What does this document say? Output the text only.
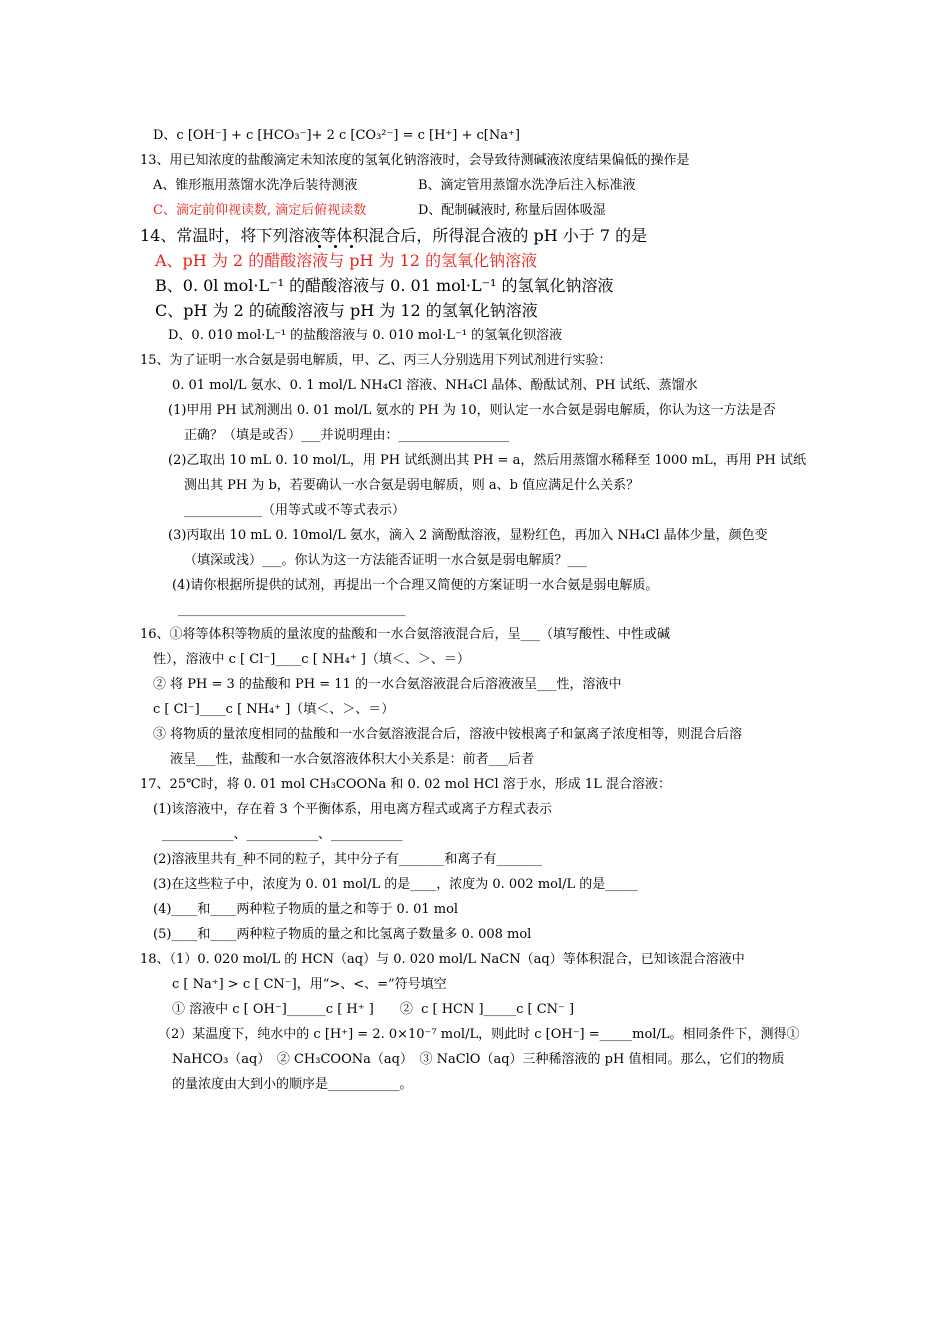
D、c [OH⁻] + c [HCO₃⁻]+ 2 c [CO₃²⁻] = c [H⁺] + c[Na⁺]
13、用已知浓度的盐酸滴定未知浓度的氢氧化钠溶液时，会导致待测碱液浓度结果偏低的操作是
A、锥形瓶用蒸馏水洗净后装待测液	B、滴定管用蒸馏水洗净后注入标准液
C、滴定前仰视读数, 滴定后俯视读数	D、配制碱液时, 称量后固体吸湿
14、常温时，将下列溶液等体积混合后，所得混合液的 pH 小于 7 的是
A、pH 为 2 的醋酸溶液与 pH 为 12 的氢氧化钠溶液
B、0. 0l mol·L⁻¹ 的醋酸溶液与 0. 01 mol·L⁻¹ 的氢氧化钠溶液
C、pH 为 2 的硫酸溶液与 pH 为 12 的氢氧化钠溶液
D、0. 010 mol·L⁻¹ 的盐酸溶液与 0. 010 mol·L⁻¹ 的氢氧化钡溶液
15、为了证明一水合氨是弱电解质，甲、乙、丙三人分别选用下列试剂进行实验：
0. 01 mol/L 氨水、0. 1 mol/L NH₄Cl 溶液、NH₄Cl 晶体、酚酞试剂、PH 试纸、蒸馏水
(1)甲用 PH 试剂测出 0. 01 mol/L 氨水的 PH 为 10，则认定一水合氨是弱电解质，你认为这一方法是否
正确？（填是或否）___并说明理由：_________________
(2)乙取出 10 mL 0. 10 mol/L，用 PH 试纸测出其 PH = a，然后用蒸馏水稀释至 1000 mL，再用 PH 试纸
测出其 PH 为 b，若要确认一水合氨是弱电解质，则 a、b 值应满足什么关系？
____________（用等式或不等式表示）
(3)丙取出 10 mL 0. 10mol/L 氨水，滴入 2 滴酚酞溶液，显粉红色，再加入 NH₄Cl 晶体少量，颜色变
（填深或浅）___。你认为这一方法能否证明一水合氨是弱电解质？___
(4)请你根据所提供的试剂，再提出一个合理又简便的方案证明一水合氨是弱电解质。
___________________________________
16、①将等体积等物质的量浓度的盐酸和一水合氨溶液混合后，呈___（填写酸性、中性或碱
性），溶液中 c [ Cl⁻]____c [ NH₄⁺ ]（填＜、＞、＝）
② 将 PH = 3 的盐酸和 PH = 11 的一水合氨溶液混合后溶液液呈___性，溶液中
c [ Cl⁻]____c [ NH₄⁺ ]（填＜、＞、＝）
③ 将物质的量浓度相同的盐酸和一水合氨溶液混合后，溶液中铵根离子和氯离子浓度相等，则混合后溶
液呈___性，盐酸和一水合氨溶液体积大小关系是：前者___后者
17、25℃时，将 0. 01 mol CH₃COONa 和 0. 02 mol HCl 溶于水，形成 1L 混合溶液：
(1)该溶液中，存在着 3 个平衡体系，用电离方程式或离子方程式表示
___________、___________、___________
(2)溶液里共有_种不同的粒子，其中分子有_______和离子有_______
(3)在这些粒子中，浓度为 0. 01 mol/L 的是____，浓度为 0. 002 mol/L 的是_____
(4)____和____两种粒子物质的量之和等于 0. 01 mol
(5)____和____两种粒子物质的量之和比氢离子数量多 0. 008 mol
18、（1）0. 020 mol/L 的 HCN（aq）与 0. 020 mol/L NaCN（aq）等体积混合，已知该混合溶液中
c [ Na⁺] > c [ CN⁻]，用“>、<、=”符号填空
① 溶液中 c [ OH⁻]______c [ H⁺ ]　　②  c [ HCN ]_____c [ CN⁻ ]
（2）某温度下，纯水中的 c [H⁺] = 2. 0×10⁻⁷ mol/L，则此时 c [OH⁻] =_____mol/L。相同条件下，测得①
NaHCO₃（aq）　② CH₃COONa（aq）　③ NaClO（aq）三种稀溶液的 pH 值相同。那么，它们的物质
的量浓度由大到小的顺序是___________。
